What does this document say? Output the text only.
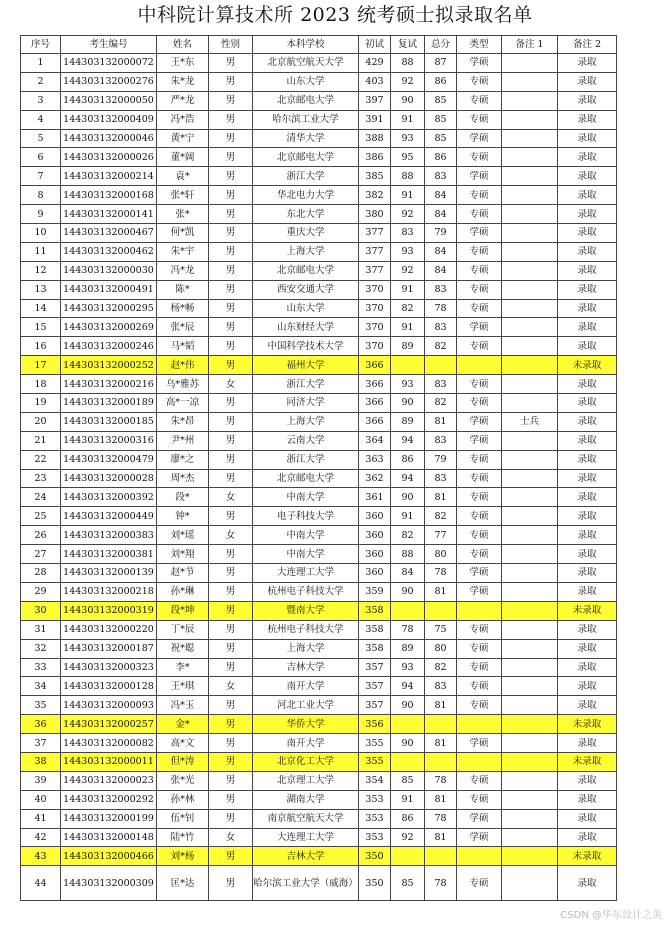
中科院计算技术所 2023 统考硕士拟录取名单
序号	考生编号	姓名	性别	本科学校	初试	复试	总分	类型	备注 1	备注 2
1	144303132000072	王*东	男	北京航空航天大学	429	88	87	学硕		录取
2	144303132000276	朱*龙	男	山东大学	403	92	86	专硕		录取
3	144303132000050	严*龙	男	北京邮电大学	397	90	85	专硕		录取
4	144303132000409	冯*浩	男	哈尔滨工业大学	391	91	85	专硕		录取
5	144303132000046	黄*宁	男	清华大学	388	93	85	学硕		录取
6	144303132000026	董*阔	男	北京邮电大学	386	95	86	专硕		录取
7	144303132000214	袁*	男	浙江大学	385	88	83	学硕		录取
8	144303132000168	张*轩	男	华北电力大学	382	91	84	专硕		录取
9	144303132000141	张*	男	东北大学	380	92	84	专硕		录取
10	144303132000467	何*凯	男	重庆大学	377	83	79	学硕		录取
11	144303132000462	朱*宇	男	上海大学	377	93	84	专硕		录取
12	144303132000030	冯*龙	男	北京邮电大学	377	92	84	专硕		录取
13	144303132000491	陈*	男	西安交通大学	370	91	83	专硕		录取
14	144303132000295	杨*畅	男	山东大学	370	82	78	专硕		录取
15	144303132000269	张*辰	男	山东财经大学	370	91	83	学硕		录取
16	144303132000246	马*韬	男	中国科学技术大学	370	89	82	专硕		录取
17	144303132000252	赵*伟	男	福州大学	366					未录取
18	144303132000216	乌*雅苏	女	浙江大学	366	93	83	专硕		录取
19	144303132000189	高*一凉	男	同济大学	366	90	82	专硕		录取
20	144303132000185	朱*昂	男	上海大学	366	89	81	学硕	士兵	录取
21	144303132000316	尹*州	男	云南大学	364	94	83	学硕		录取
22	144303132000479	廖*之	男	浙江大学	363	86	79	专硕		录取
23	144303132000028	周*杰	男	北京邮电大学	362	94	83	专硕		录取
24	144303132000392	段*	女	中南大学	361	90	81	专硕		录取
25	144303132000449	钟*	男	电子科技大学	360	91	82	专硕		录取
26	144303132000383	刘*瑶	女	中南大学	360	82	77	专硕		录取
27	144303132000381	刘*翔	男	中南大学	360	88	80	专硕		录取
28	144303132000139	赵*节	男	大连理工大学	360	84	78	学硕		录取
29	144303132000218	孙*琳	男	杭州电子科技大学	359	90	81	学硕		录取
30	144303132000319	段*坤	男	暨南大学	358					未录取
31	144303132000220	丁*辰	男	杭州电子科技大学	358	78	75	专硕		录取
32	144303132000187	祝*聪	男	上海大学	358	89	80	专硕		录取
33	144303132000323	李*	男	吉林大学	357	93	82	专硕		录取
34	144303132000128	王*琪	女	南开大学	357	94	83	专硕		录取
35	144303132000093	冯*玉	男	河北工业大学	357	90	81	专硕		录取
36	144303132000257	金*	男	华侨大学	356					未录取
37	144303132000082	高*文	男	南开大学	355	90	81	学硕		录取
38	144303132000011	但*涛	男	北京化工大学	355					未录取
39	144303132000023	张*光	男	北京理工大学	354	85	78	专硕		录取
40	144303132000292	孙*林	男	湖南大学	353	91	81	专硕		录取
41	144303132000199	伍*钊	男	南京航空航天大学	353	86	78	学硕		录取
42	144303132000148	陆*竹	女	大连理工大学	353	92	81	学硕		录取
43	144303132000466	刘*杨	男	吉林大学	350					未录取
44	144303132000309	匡*达	男	哈尔滨工业大学（威海）	350	85	78	专硕		录取
CSDN @华东设计之美
